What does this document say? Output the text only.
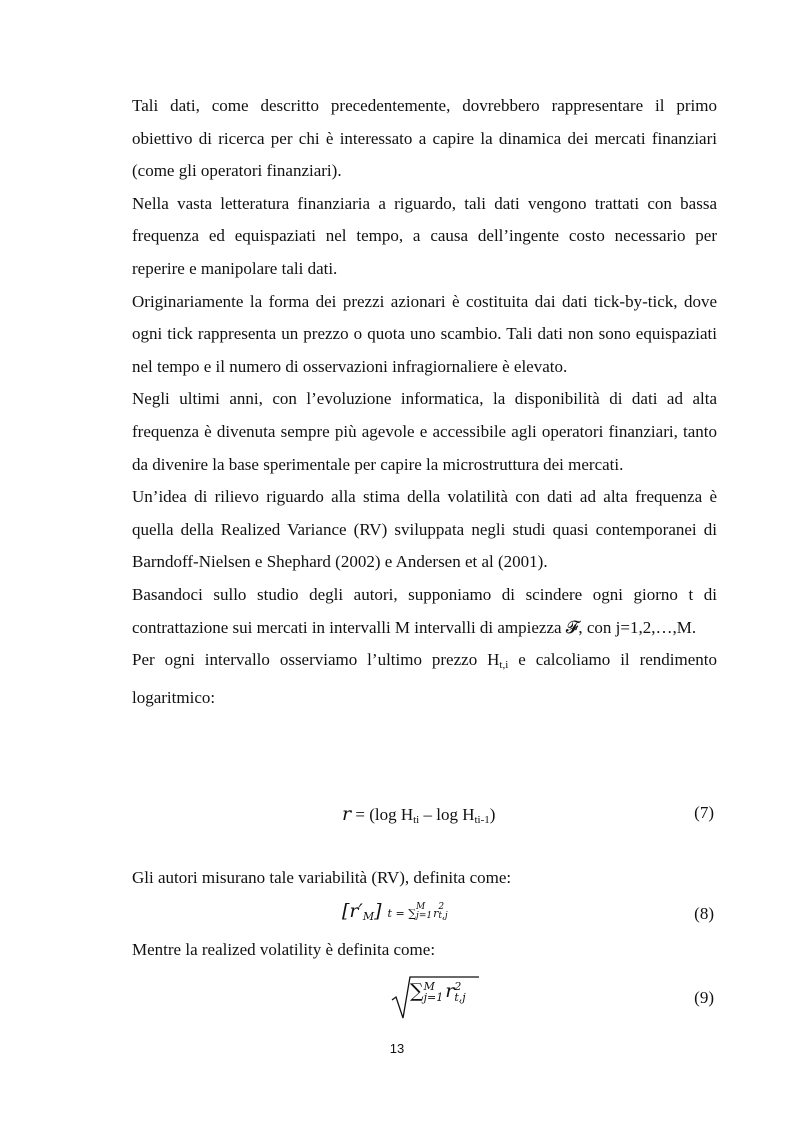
Tali dati, come descritto precedentemente, dovrebbero rappresentare il primo obiettivo di ricerca per chi è interessato a capire la dinamica dei mercati finanziari (come gli operatori finanziari).

Nella vasta letteratura finanziaria a riguardo, tali dati vengono trattati con bassa frequenza ed equispaziati nel tempo, a causa dell’ingente costo necessario per reperire e manipolare tali dati.

Originariamente la forma dei prezzi azionari è costituita dai dati tick-by-tick, dove ogni tick rappresenta un prezzo o quota uno scambio. Tali dati non sono equispaziati nel tempo e il numero di osservazioni infragiornaliere è elevato.

Negli ultimi anni, con l’evoluzione informatica, la disponibilità di dati ad alta frequenza è divenuta sempre più agevole e accessibile agli operatori finanziari, tanto da divenire la base sperimentale per capire la microstruttura dei mercati.

Un’idea di rilievo riguardo alla stima della volatilità con dati ad alta frequenza è quella della Realized Variance (RV) sviluppata negli studi quasi contemporanei di Barndoff-Nielsen e Shephard (2002) e Andersen et al (2001).

Basandoci sullo studio degli autori, supponiamo di scindere ogni giorno t di contrattazione sui mercati in intervalli M intervalli di ampiezza 𝓕, con j=1,2,…,M.

Per ogni intervallo osserviamo l’ultimo prezzo $H_{t,i}$ e calcoliamo il rendimento logaritmico:

r = (log $H_{ti}$ – $\log H_{ti-1}$)	(7)
Gli autori misurano tale variabilità (RV), definita come:
$[r'_M] t$ = ∑ M
j=1 r 2
t,j	(8)
Mentre la realized volatility è definita come:
∑ M
j=1 r 2
t,j	(9)
13
